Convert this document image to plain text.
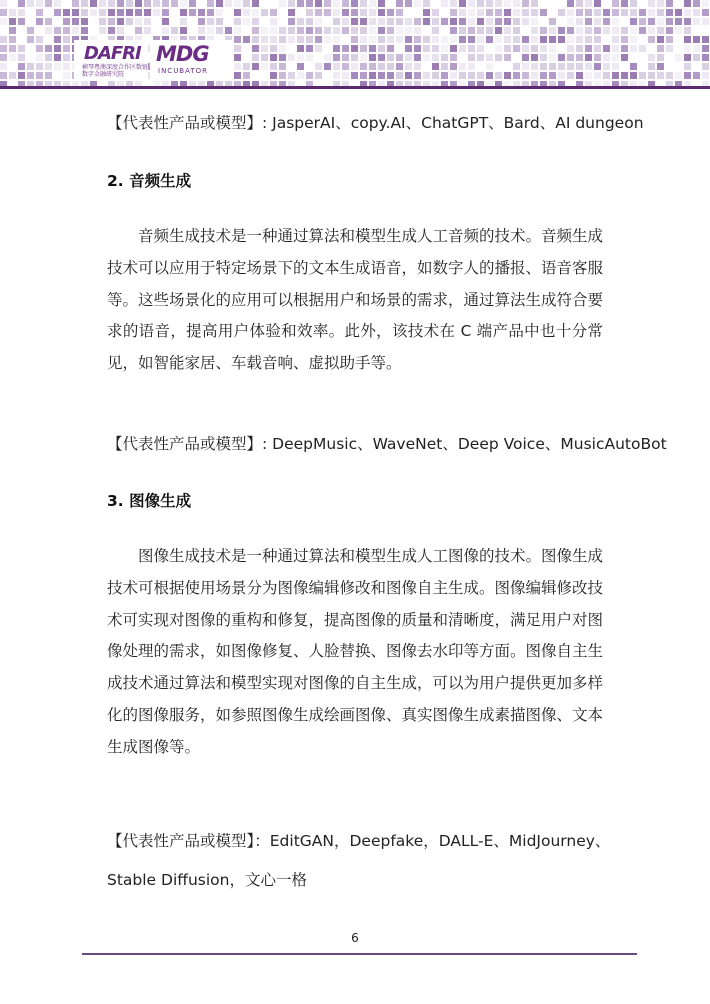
DAFRI
横琴粤澳深度合作区数链数字金融研究院
MDG
INCUBATOR
【代表性产品或模型】: JasperAI、copy.AI、ChatGPT、Bard、AI dungeon
2. 音频生成
音频生成技术是一种通过算法和模型生成人工音频的技术。音频生成技术可以应用于特定场景下的文本生成语音，如数字人的播报、语音客服等。这些场景化的应用可以根据用户和场景的需求，通过算法生成符合要求的语音，提高用户体验和效率。此外，该技术在 C 端产品中也十分常见，如智能家居、车载音响、虚拟助手等。
【代表性产品或模型】: DeepMusic、WaveNet、Deep Voice、MusicAutoBot
3. 图像生成
图像生成技术是一种通过算法和模型生成人工图像的技术。图像生成技术可根据使用场景分为图像编辑修改和图像自主生成。图像编辑修改技术可实现对图像的重构和修复，提高图像的质量和清晰度，满足用户对图像处理的需求，如图像修复、人脸替换、图像去水印等方面。图像自主生成技术通过算法和模型实现对图像的自主生成，可以为用户提供更加多样化的图像服务，如参照图像生成绘画图像、真实图像生成素描图像、文本生成图像等。
【代表性产品或模型】：EditGAN，Deepfake，DALL-E、MidJourney、
Stable Diffusion，文心一格
6
